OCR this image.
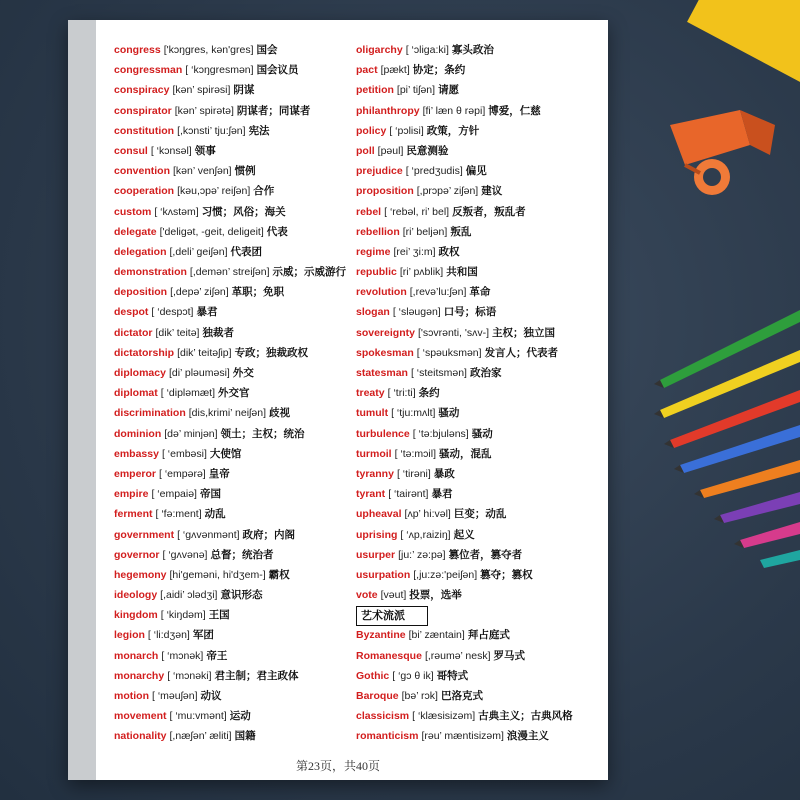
congress ['kɔŋgres, kən'gres] 国会
congressman [ ‘kɔŋgresmən] 国会议员
conspiracy [kən’ spirəsi] 阴谋
conspirator [kən’ spirətə] 阴谋者；同谋者
constitution [,kɔnsti’ tju:ʃən] 宪法
consul [ ‘kɔnsəl] 领事
convention [kən’ venʃən] 惯例
cooperation [kəu,ɔpə’ reiʃən] 合作
custom [ ‘kʌstəm] 习惯；风俗；海关
delegate ['deligət, -geit, deligeit] 代表
delegation [,deli’ geiʃən] 代表团
demonstration [,demən’ streiʃən] 示威；示威游行
deposition [,depə’ ziʃən] 革职；免职
despot [ ‘despɔt] 暴君
dictator [dik’ teitə] 独裁者
dictatorship [dik’ teitəʃip] 专政；独裁政权
diplomacy [di’ pləuməsi] 外交
diplomat [ ‘dipləmæt] 外交官
discrimination [dis,krimi’ neiʃən] 歧视
dominion [də’ minjən] 领土；主权；统治
embassy [ ‘embəsi] 大使馆
emperor [ ‘empərə] 皇帝
empire [ ‘empaiə] 帝国
ferment [ ‘fə:ment] 动乱
government [ ‘gʌvənmənt] 政府；内阁
governor [ ‘gʌvənə] 总督；统治者
hegemony [hi'geməni, hi'dʒem-] 霸权
ideology [,aidi’ ɔlədʒi] 意识形态
kingdom [ ‘kiŋdəm] 王国
legion [ ‘li:dʒən] 军团
monarch [ ‘mɔnək] 帝王
monarchy [ ‘mɔnəki] 君主制；君主政体
motion [ ‘məuʃən] 动议
movement [ ‘mu:vmənt] 运动
nationality [,næʃən’ æliti] 国籍
oligarchy [ ‘ɔliga:ki] 寡头政治
pact [pækt] 协定；条约
petition [pi’ tiʃən] 请愿
philanthropy [fi’ læn θ rəpi] 博爱，仁慈
policy [ ‘pɔlisi] 政策，方针
poll [pəul] 民意测验
prejudice [ ‘predʒudis] 偏见
proposition [,prɔpə’ ziʃən] 建议
rebel [ ‘rebəl, ri’ bel] 反叛者，叛乱者
rebellion [ri’ beljən] 叛乱
regime [rei’ ʒi:m] 政权
republic [ri’ pʌblik] 共和国
revolution [,revə’lu:ʃən] 革命
slogan [ ‘sləugən] 口号；标语
sovereignty ['sɔvrənti, 'sʌv-] 主权；独立国
spokesman [ ‘spəuksmən] 发言人；代表者
statesman [ ‘steitsmən] 政治家
treaty [ ‘tri:ti] 条约
tumult [ ‘tju:mʌlt] 骚动
turbulence [ ‘tə:bjuləns] 骚动
turmoil [ ‘tə:mɔil] 骚动，混乱
tyranny [ ‘tirəni] 暴政
tyrant [ ‘tairənt] 暴君
upheaval [ʌp’ hi:vəl] 巨变；动乱
uprising [ ‘ʌp,raiziŋ] 起义
usurper [ju:’ zə:pə] 篡位者，篡夺者
usurpation [,ju:zə:'peiʃən] 篡夺；篡权
vote [vəut] 投票，选举
艺术流派
Byzantine [bi’ zæntain] 拜占庭式
Romanesque [,rəumə’ nesk] 罗马式
Gothic [ ‘gɔ θ ik] 哥特式
Baroque [bə’ rɔk] 巴洛克式
classicism [ ‘klæsisizəm] 古典主义；古典风格
romanticism [rəu’ mæntisizəm] 浪漫主义
第23页，共40页
